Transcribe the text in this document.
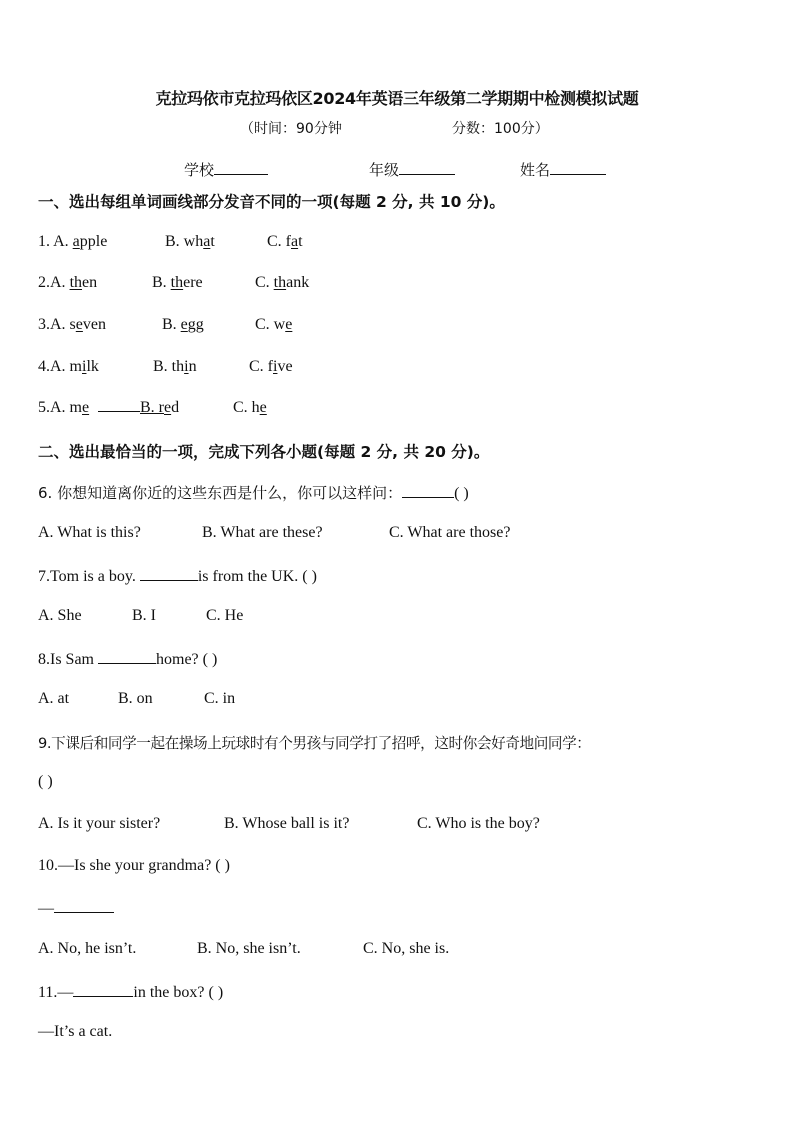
克拉玛依市克拉玛依区2024年英语三年级第二学期期中检测模拟试题
（时间：90分钟	分数：100分）
学校	年级	姓名
一、选出每组单词画线部分发音不同的一项(每题 2 分, 共 10 分)。
1. A. apple	B. what	C. fat
2.A. then	B. there	C. thank
3.A. seven	B. egg	C. we
4.A. milk	B. thin	C. five
5.A. me	B. red	C. he
二、选出最恰当的一项，完成下列各小题(每题 2 分, 共 20 分)。
6. 你想知道离你近的这些东西是什么，你可以这样问：	( )
A. What is this?	B. What are these?	C. What are those?
7.Tom is a boy.	is from the UK. ( )
A. She	B. I	C. He
8.Is Sam	home? ( )
A. at	B. on	C. in
9.下课后和同学一起在操场上玩球时有个男孩与同学打了招呼，这时你会好奇地问同学：
( )
A. Is it your sister?	B. Whose ball is it?	C. Who is the boy?
10.—Is she your grandma? ( )
—
A. No, he isn’t.	B. No, she isn’t.	C. No, she is.
11.—	in the box? ( )
—It’s a cat.
